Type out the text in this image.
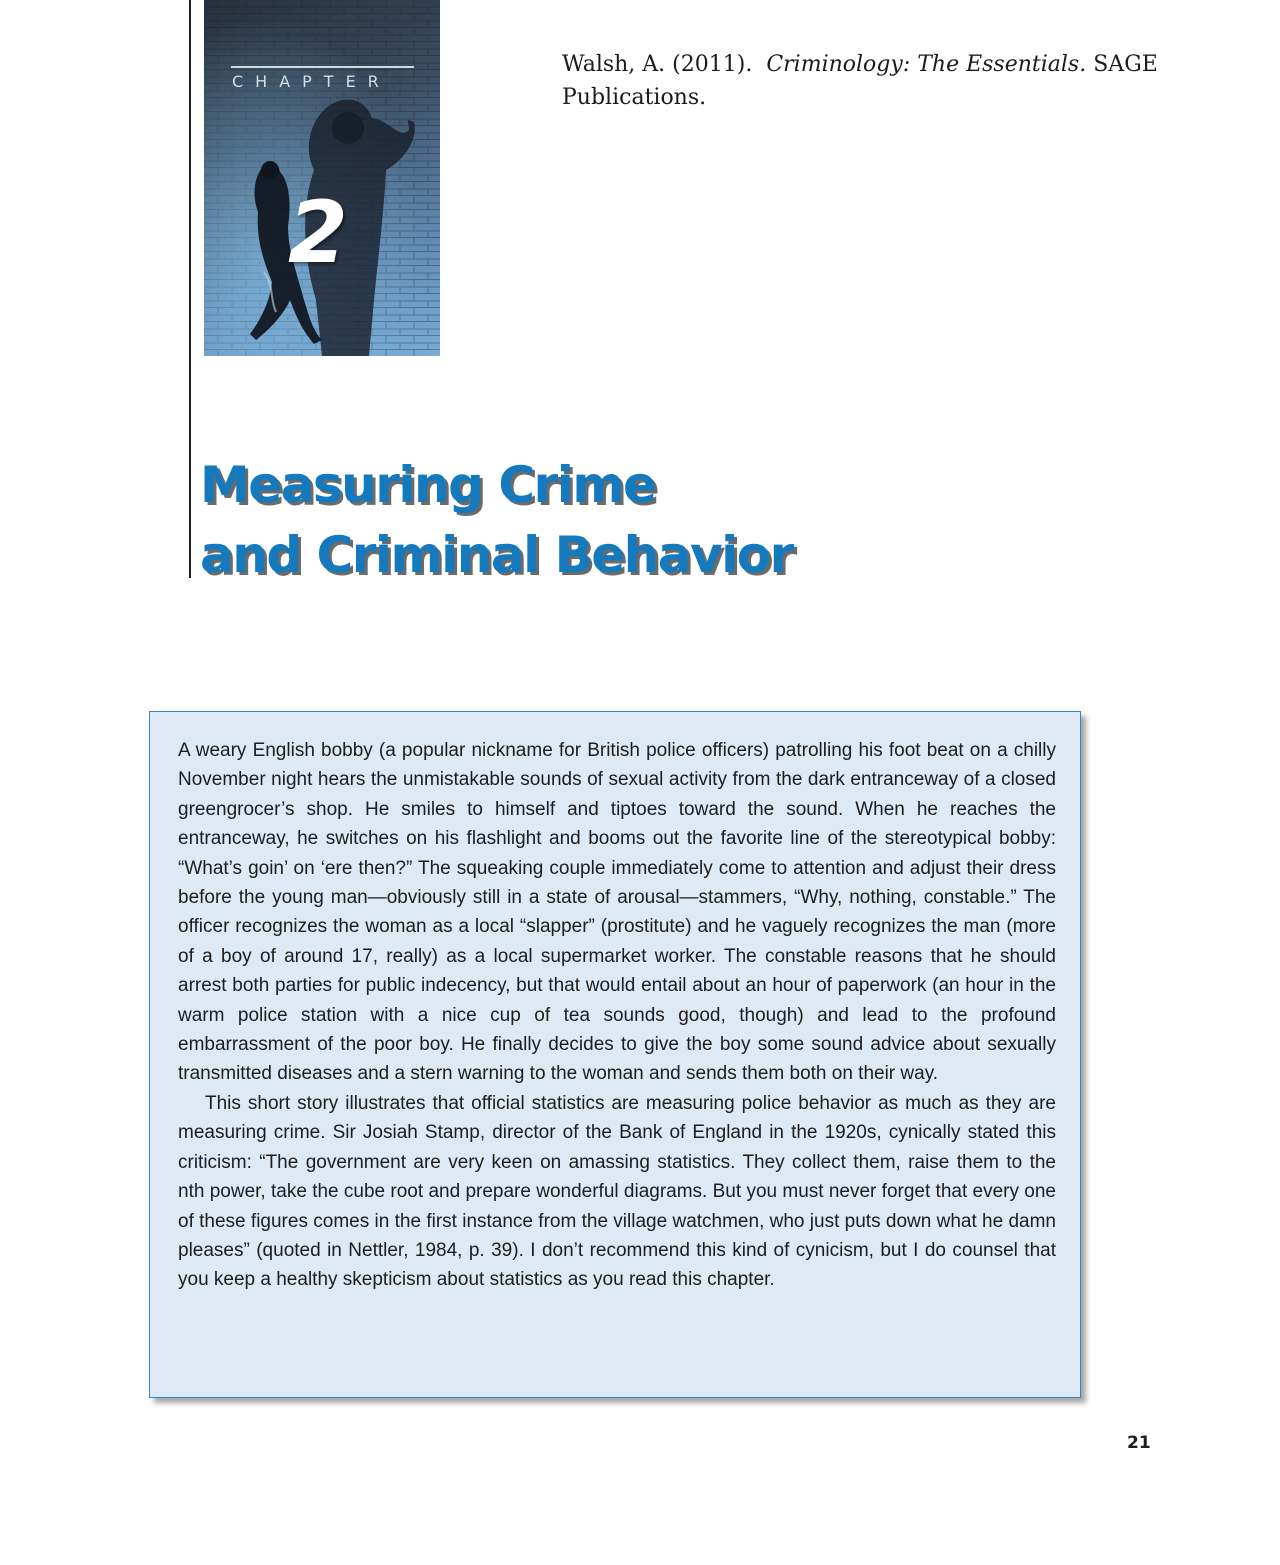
CHAPTER
2
Walsh, A. (2011). Criminology: The Essentials. SAGE Publications.
Measuring Crime
and Criminal Behavior

A weary English bobby (a popular nickname for British police officers) patrolling his foot beat on a chilly November night hears the unmistakable sounds of sexual activity from the dark entranceway of a closed greengrocer’s shop. He smiles to himself and tiptoes toward the sound. When he reaches the entranceway, he switches on his flashlight and booms out the favorite line of the stereotypical bobby: “What’s goin’ on ‘ere then?” The squeaking couple immediately come to attention and adjust their dress before the young man—obviously still in a state of arousal—stammers, “Why, nothing, constable.” The officer recognizes the woman as a local “slapper” (prostitute) and he vaguely recognizes the man (more of a boy of around 17, really) as a local supermarket worker. The constable reasons that he should arrest both parties for public indecency, but that would entail about an hour of paperwork (an hour in the warm police station with a nice cup of tea sounds good, though) and lead to the profound embarrassment of the poor boy. He finally decides to give the boy some sound advice about sexually transmitted diseases and a stern warning to the woman and sends them both on their way.

This short story illustrates that official statistics are measuring police behavior as much as they are measuring crime. Sir Josiah Stamp, director of the Bank of England in the 1920s, cynically stated this criticism: “The government are very keen on amassing statistics. They collect them, raise them to the nth power, take the cube root and prepare wonderful diagrams. But you must never forget that every one of these figures comes in the first instance from the village watchmen, who just puts down what he damn pleases” (quoted in Nettler, 1984, p. 39). I don’t recommend this kind of cynicism, but I do counsel that you keep a healthy skepticism about statistics as you read this chapter.

21
